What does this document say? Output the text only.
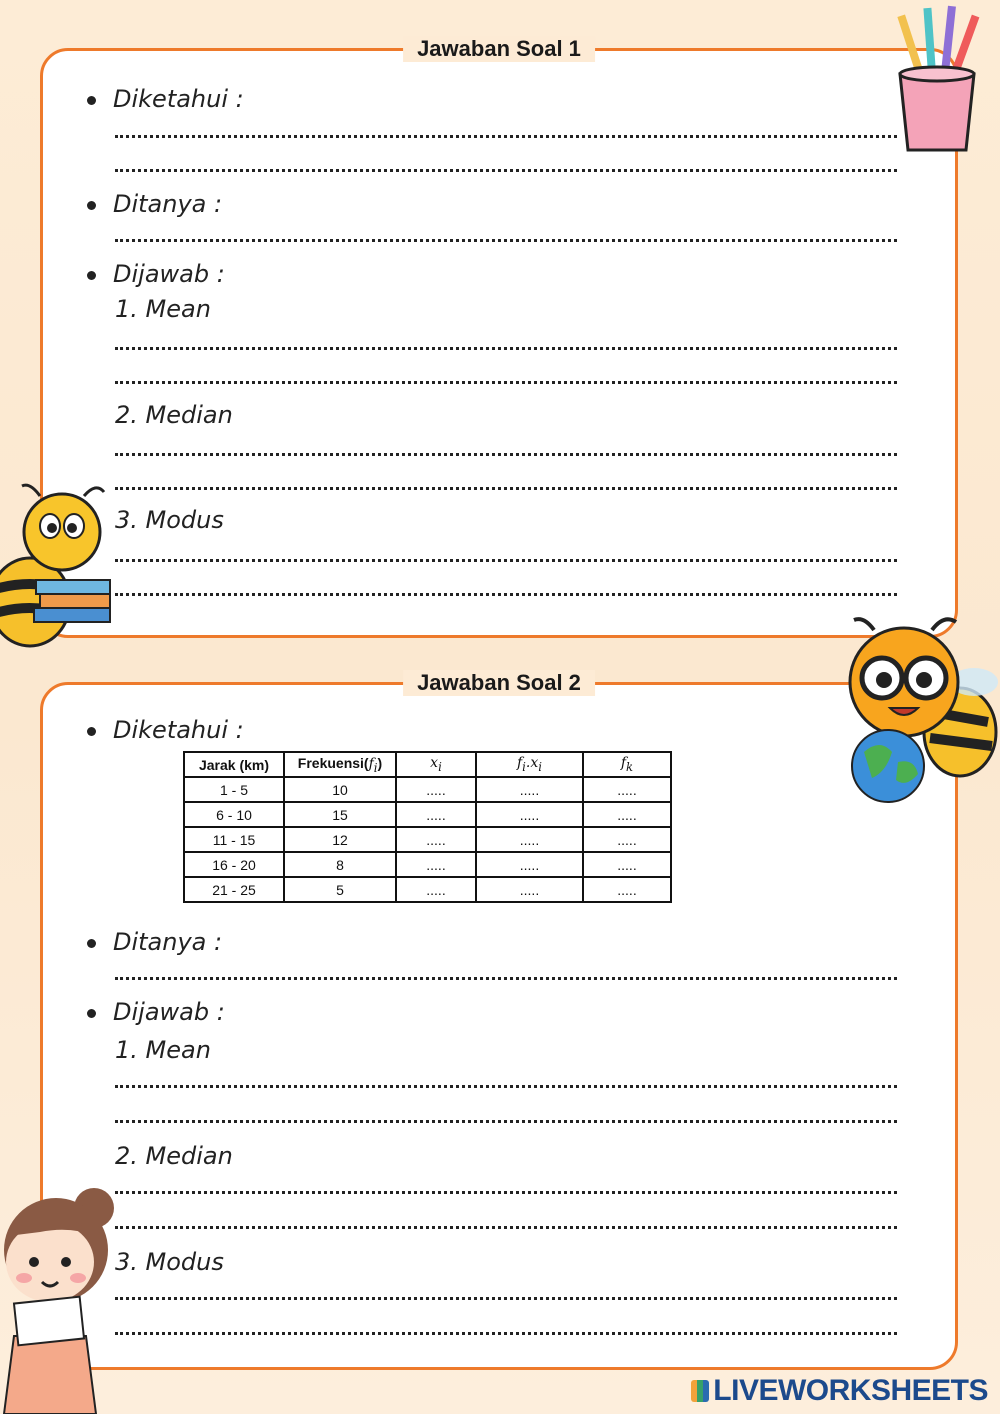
Jawaban Soal 1
Diketahui :
Ditanya :
Dijawab :
1. Mean
2. Median
3. Modus
Jawaban Soal 2
Diketahui :
Jarak (km)	$Frekuensi(f_i)$	$x_i$	$f_i.x_i$	$f_k$
1 - 5	10	.....	.....	.....
6 - 10	15	.....	.....	.....
11 - 15	12	.....	.....	.....
16 - 20	8	.....	.....	.....
21 - 25	5	.....	.....	.....
Ditanya :
Dijawab :
1. Mean
2. Median
3. Modus
LIVEWORKSHEETS
